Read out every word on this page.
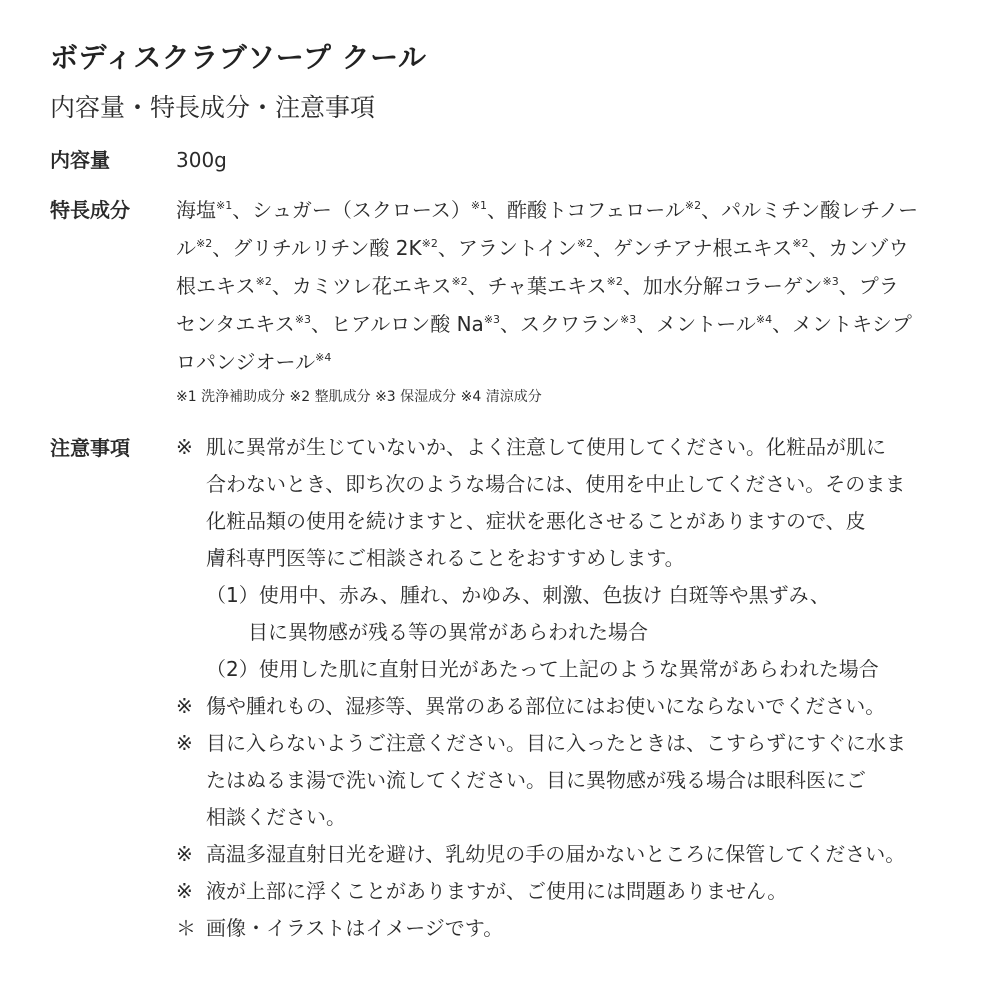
ボディスクラブソープ クール
内容量・特長成分・注意事項
内容量	300g
特長成分 海塩$^{※1}$、シュガー（スクロース）$^{※1}$、酢酸トコフェロール$^{※2}$、パルミチン酸レチノー
ル$^{※2}$、グリチルリチン酸 $2K^{※2}$、アラントイン$^{※2}$、ゲンチアナ根エキス$^{※2}$、カンゾウ
根エキス$^{※2}$、カミツレ花エキス$^{※2}$、チャ葉エキス$^{※2}$、加水分解コラーゲン$^{※3}$、プラ
センタエキス$^{※3}$、ヒアルロン酸 Na$^{※3}$、スクワラン$^{※3}$、メントール$^{※4}$、メントキシプ
ロパンジオール$^{※4}$
※1 洗浄補助成分 ※2 整肌成分 ※3 保湿成分 ※4 清涼成分
注意事項 ※ 肌に異常が生じていないか、よく注意して使用してください。化粧品が肌に
合わないとき、即ち次のような場合には、使用を中止してください。そのまま
化粧品類の使用を続けますと、症状を悪化させることがありますので、皮
膚科専門医等にご相談されることをおすすめします。
（1）使用中、赤み、腫れ、かゆみ、刺激、色抜け 白斑等や黒ずみ、
目に異物感が残る等の異常があらわれた場合
（2）使用した肌に直射日光があたって上記のような異常があらわれた場合
※ 傷や腫れもの、湿疹等、異常のある部位にはお使いにならないでください。
※ 目に入らないようご注意ください。目に入ったときは、こすらずにすぐに水ま
たはぬるま湯で洗い流してください。目に異物感が残る場合は眼科医にご
相談ください。
※ 高温多湿直射日光を避け、乳幼児の手の届かないところに保管してください。
※ 液が上部に浮くことがありますが、ご使用には問題ありません。
＊ 画像・イラストはイメージです。
